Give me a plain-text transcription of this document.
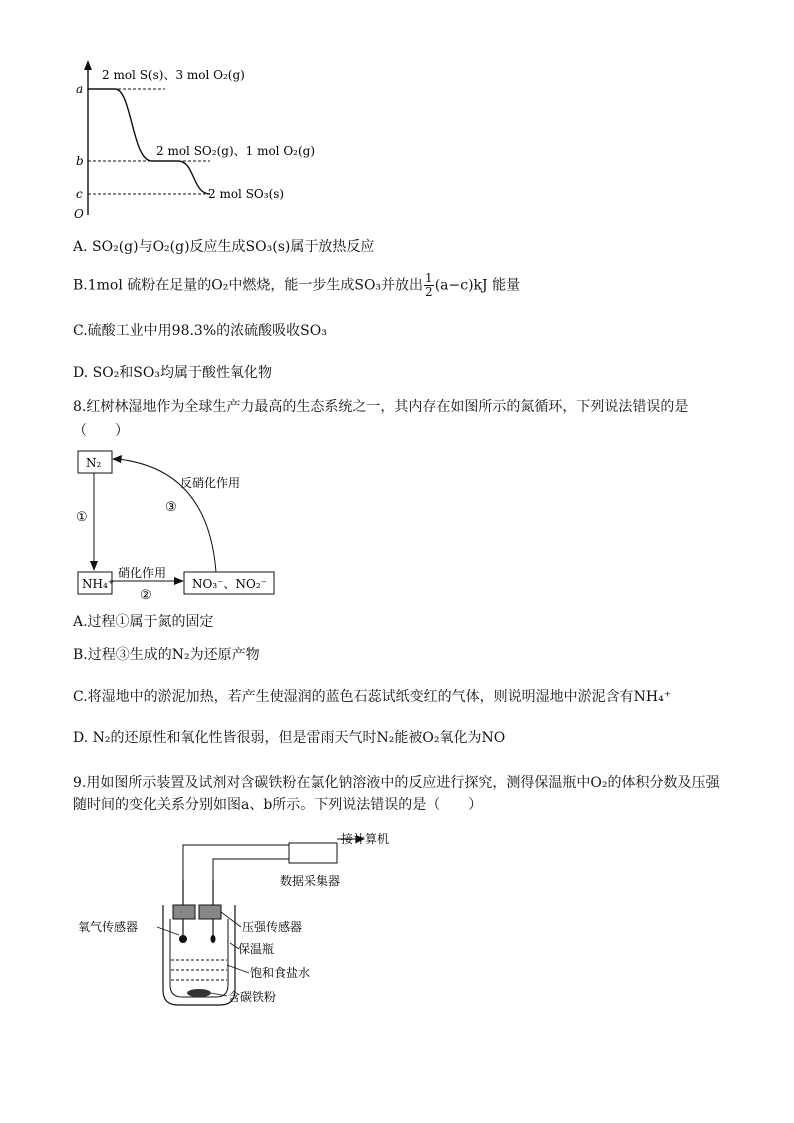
a
b
c
O
2 mol S(s)、3 mol O₂(g)
2 mol SO₂(g)、1 mol O₂(g)
2 mol SO₃(s)
A. SO₂(g)与O₂(g)反应生成SO₃(s)属于放热反应
B.1mol 硫粉在足量的O₂中燃烧，能一步生成SO₃并放出 $\frac{1}{2} (a-c)kJ$ 能量
C.硫酸工业中用98.3%的浓硫酸吸收SO₃
D. SO₂和SO₃均属于酸性氧化物
8.红树林湿地作为全球生产力最高的生态系统之一，其内存在如图所示的氮循环，下列说法错误的是
（　　）
N₂
①
NH₄⁺
硝化作用
②
NO₃⁻、NO₂⁻
反硝化作用
③
A.过程①属于氮的固定
B.过程③生成的N₂为还原产物
C.将湿地中的淤泥加热，若产生使湿润的蓝色石蕊试纸变红的气体，则说明湿地中淤泥含有NH₄⁺
D. N₂的还原性和氧化性皆很弱，但是雷雨天气时N₂能被O₂氧化为NO
9.用如图所示装置及试剂对含碳铁粉在氯化钠溶液中的反应进行探究，测得保温瓶中O₂的体积分数及压强随时间的变化关系分别如图a、b所示。下列说法错误的是（　　）
接计算机
数据采集器
氧气传感器	压强传感器
保温瓶
饱和食盐水
含碳铁粉
